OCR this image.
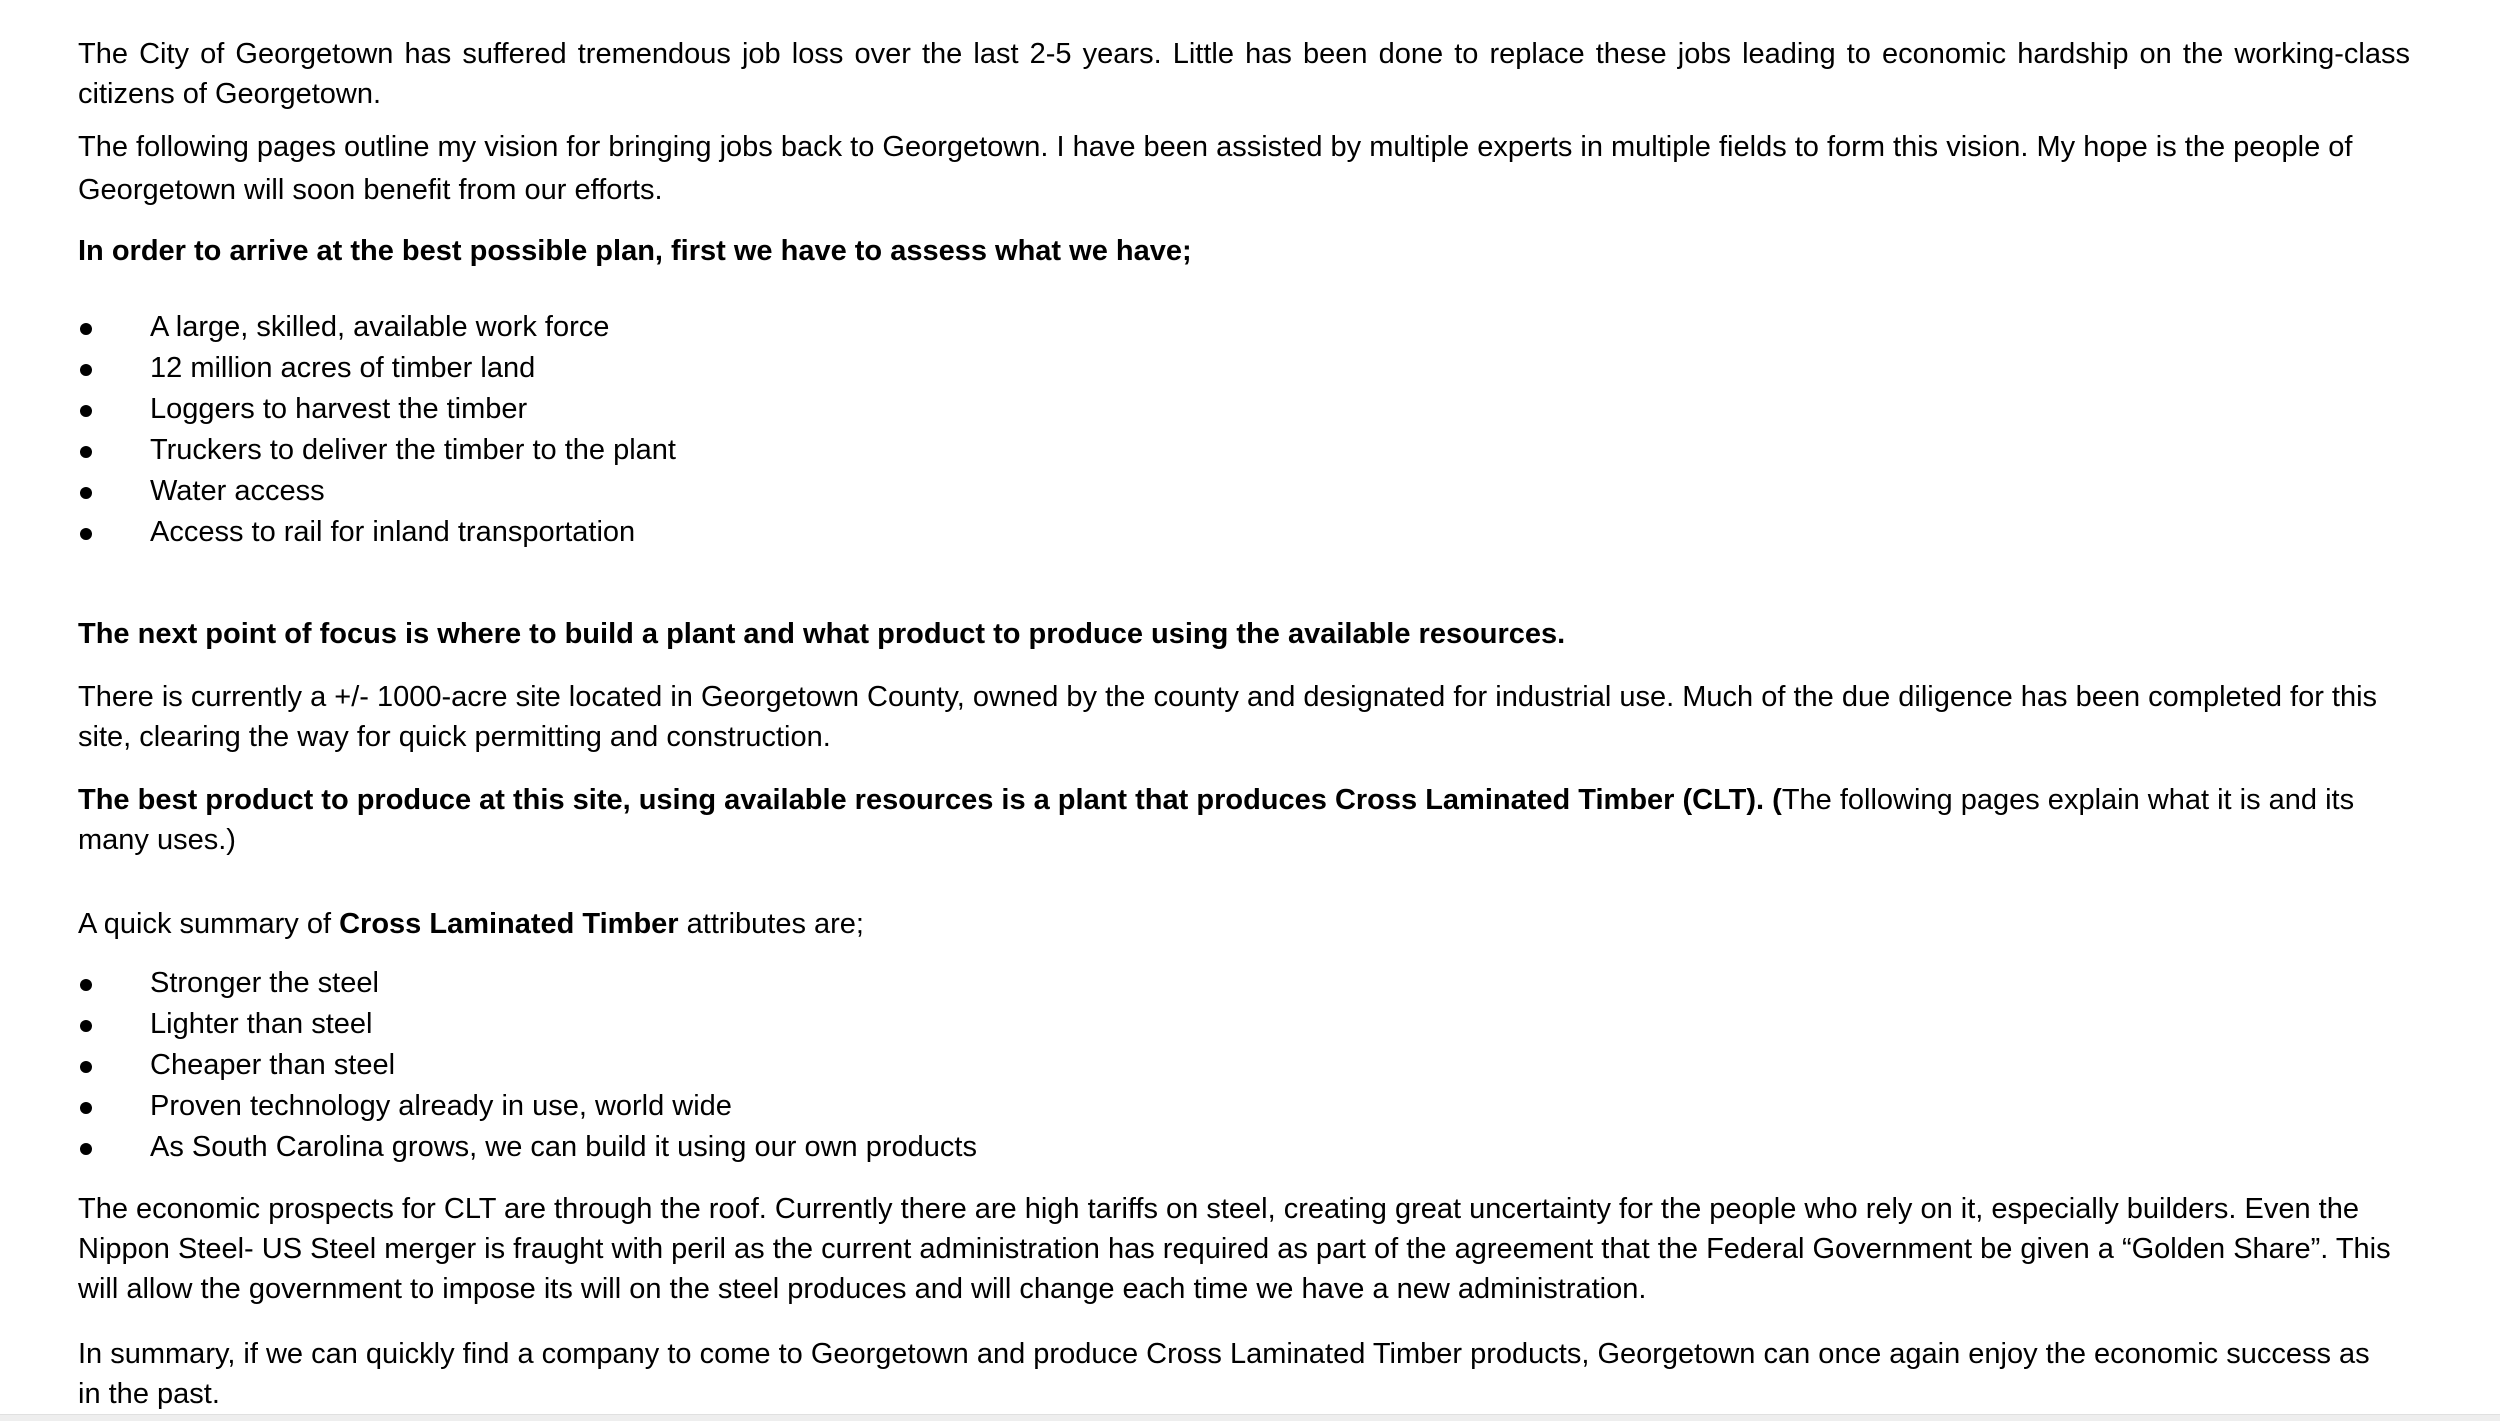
The City of Georgetown has suffered tremendous job loss over the last 2-5 years. Little has been done to replace these jobs leading to economic hardship on the working-class citizens of Georgetown.

The following pages outline my vision for bringing jobs back to Georgetown. I have been assisted by multiple experts in multiple fields to form this vision. My hope is the people of Georgetown will soon benefit from our efforts.

In order to arrive at the best possible plan, first we have to assess what we have;

A large, skilled, available work force
12 million acres of timber land
Loggers to harvest the timber
Truckers to deliver the timber to the plant
Water access
Access to rail for inland transportation

The next point of focus is where to build a plant and what product to produce using the available resources.

There is currently a +/- 1000-acre site located in Georgetown County, owned by the county and designated for industrial use. Much of the due diligence has been completed for this site, clearing the way for quick permitting and construction.

The best product to produce at this site, using available resources is a plant that produces Cross Laminated Timber (CLT). (The following pages explain what it is and its many uses.)

A quick summary of Cross Laminated Timber attributes are;

Stronger the steel
Lighter than steel
Cheaper than steel
Proven technology already in use, world wide
As South Carolina grows, we can build it using our own products

The economic prospects for CLT are through the roof. Currently there are high tariffs on steel, creating great uncertainty for the people who rely on it, especially builders. Even the Nippon Steel- US Steel merger is fraught with peril as the current administration has required as part of the agreement that the Federal Government be given a “Golden Share”. This will allow the government to impose its will on the steel produces and will change each time we have a new administration.

In summary, if we can quickly find a company to come to Georgetown and produce Cross Laminated Timber products, Georgetown can once again enjoy the economic success as in the past.
